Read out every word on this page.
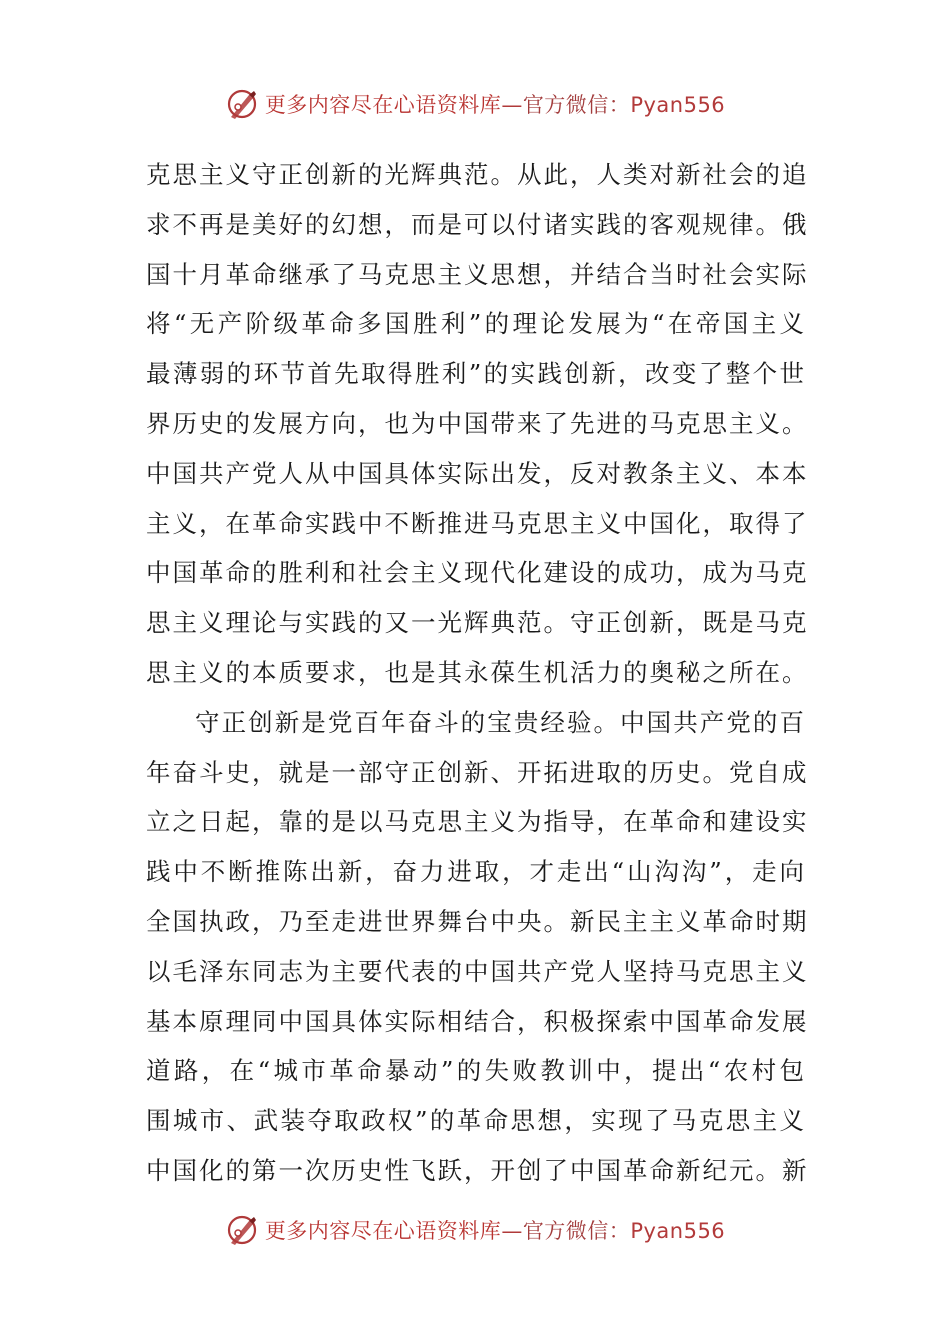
更多内容尽在心语资料库—官方微信：Pyan556
克思主义守正创新的光辉典范。从此，人类对新社会的追
求不再是美好的幻想，而是可以付诸实践的客观规律。俄
国十月革命继承了马克思主义思想，并结合当时社会实际
将“无产阶级革命多国胜利”的理论发展为“在帝国主义
最薄弱的环节首先取得胜利”的实践创新，改变了整个世
界历史的发展方向，也为中国带来了先进的马克思主义。
中国共产党人从中国具体实际出发，反对教条主义、本本
主义，在革命实践中不断推进马克思主义中国化，取得了
中国革命的胜利和社会主义现代化建设的成功，成为马克
思主义理论与实践的又一光辉典范。守正创新，既是马克
思主义的本质要求，也是其永葆生机活力的奥秘之所在。
守正创新是党百年奋斗的宝贵经验。中国共产党的百
年奋斗史，就是一部守正创新、开拓进取的历史。党自成
立之日起，靠的是以马克思主义为指导，在革命和建设实
践中不断推陈出新，奋力进取，才走出“山沟沟”，走向
全国执政，乃至走进世界舞台中央。新民主主义革命时期
以毛泽东同志为主要代表的中国共产党人坚持马克思主义
基本原理同中国具体实际相结合，积极探索中国革命发展
道路，在“城市革命暴动”的失败教训中，提出“农村包
围城市、武装夺取政权”的革命思想，实现了马克思主义
中国化的第一次历史性飞跃，开创了中国革命新纪元。新
更多内容尽在心语资料库—官方微信：Pyan556
